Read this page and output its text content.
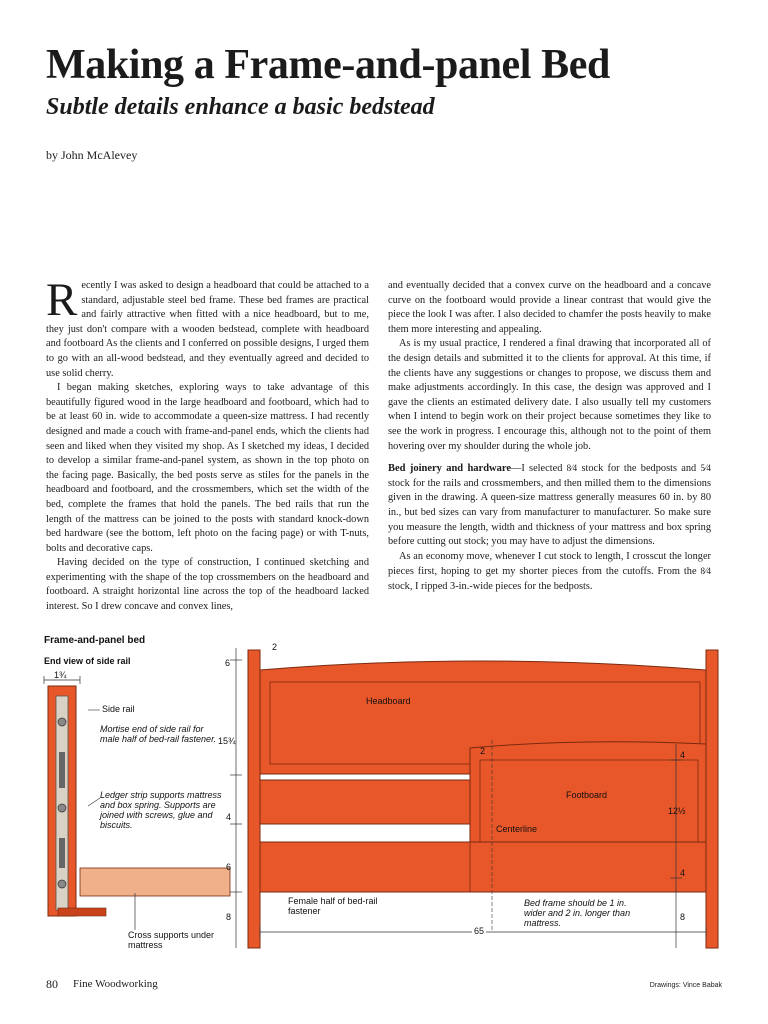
Making a Frame-and-panel Bed
Subtle details enhance a basic bedstead
by John McAlevey

Recently I was asked to design a headboard that could be attached to a standard, adjustable steel bed frame. These bed frames are practical and fairly attractive when fitted with a nice headboard, but to me, they just don't compare with a wooden bedstead, complete with headboard and footboard As the clients and I conferred on possible designs, I urged them to go with an all-wood bedstead, and they eventually agreed and decided to use solid cherry.

I began making sketches, exploring ways to take advantage of this beautifully figured wood in the large headboard and footboard, which had to be at least 60 in. wide to accommodate a queen-size mattress. I had recently designed and made a couch with frame-and-panel ends, which the clients had seen and liked when they visited my shop. As I sketched my ideas, I decided to develop a similar frame-and-panel system, as shown in the top photo on the facing page. Basically, the bed posts serve as stiles for the panels in the headboard and footboard, and the crossmembers, which set the width of the bed, complete the frames that hold the panels. The bed rails that run the length of the mattress can be joined to the posts with standard knock-down bed hardware (see the bottom, left photo on the facing page) or with T-nuts, bolts and decorative caps.

Having decided on the type of construction, I continued sketching and experimenting with the shape of the top crossmembers on the headboard and footboard. A straight horizontal line across the top of the headboard lacked interest. So I drew concave and convex lines,

and eventually decided that a convex curve on the headboard and a concave curve on the footboard would provide a linear contrast that would give the piece the look I was after. I also decided to chamfer the posts heavily to make them more interesting and appealing.

As is my usual practice, I rendered a final drawing that incorporated all of the design details and submitted it to the clients for approval. At this time, if the clients have any suggestions or changes to propose, we discuss them and make adjustments accordingly. In this case, the design was approved and I gave the clients an estimated delivery date. I also usually tell my customers when I intend to begin work on their project because sometimes they like to see the work in progress. I encourage this, although not to the point of them hovering over my shoulder during the whole job.

Bed joinery and hardware—I selected 8⁄4 stock for the bedposts and 5⁄4 stock for the rails and crossmembers, and then milled them to the dimensions given in the drawing. A queen-size mattress generally measures 60 in. by 80 in., but bed sizes can vary from manufacturer to manufacturer. So make sure you measure the length, width and thickness of your mattress and box spring before cutting out stock; you may have to adjust the dimensions.

As an economy move, whenever I cut stock to length, I crosscut the longer pieces first, hoping to get my shorter pieces from the cutoffs. From the 8⁄4 stock, I ripped 3-in.-wide pieces for the bedposts.

Frame-and-panel bed
End view of side rail
1¾
Side rail
Mortise end of side rail for male half of bed-rail fastener.
Ledger strip supports mattress and box spring. Supports are joined with screws, glue and biscuits.
Cross supports under mattress
Female half of bed-rail fastener
Headboard
Footboard
Centerline
Bed frame should be 1 in. wider and 2 in. longer than mattress.
6
2
15¾
4
6
8
2	4
12½
4
8
65
80 Fine Woodworking	Drawings: Vince Babak
